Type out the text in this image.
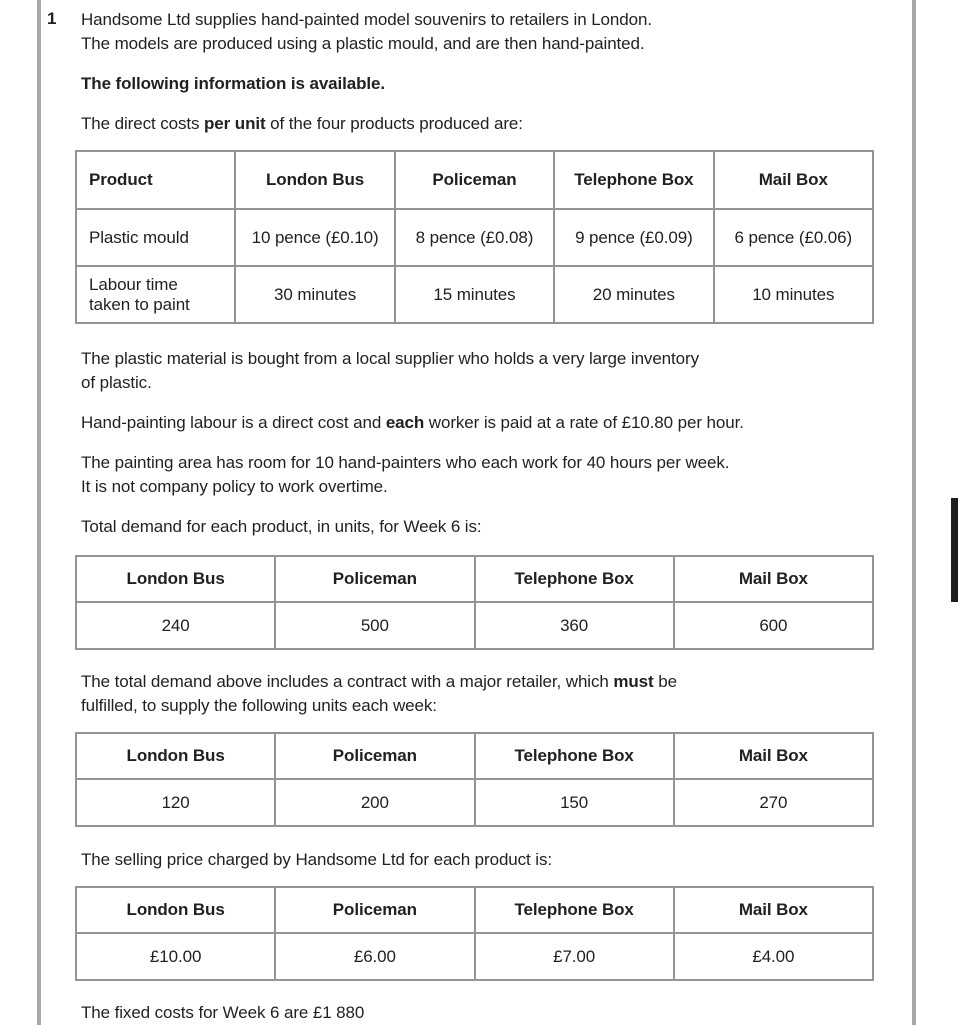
1 Handsome Ltd supplies hand-painted model souvenirs to retailers in London.
The models are produced using a plastic mould, and are then hand-painted.

The following information is available.

The direct costs per unit of the four products produced are:

Product	London Bus	Policeman	Telephone Box	Mail Box
Plastic mould	10 pence (£0.10)	8 pence (£0.08)	9 pence (£0.09)	6 pence (£0.06)
Labour time
taken to paint	30 minutes	15 minutes	20 minutes	10 minutes

The plastic material is bought from a local supplier who holds a very large inventory
of plastic.

Hand-painting labour is a direct cost and each worker is paid at a rate of £10.80 per hour.

The painting area has room for 10 hand-painters who each work for 40 hours per week.
It is not company policy to work overtime.

Total demand for each product, in units, for Week 6 is:

London Bus	Policeman	Telephone Box	Mail Box
240	500	360	600

The total demand above includes a contract with a major retailer, which must be
fulfilled, to supply the following units each week:

London Bus	Policeman	Telephone Box	Mail Box
120	200	150	270

The selling price charged by Handsome Ltd for each product is:

London Bus	Policeman	Telephone Box	Mail Box
£10.00	£6.00	£7.00	£4.00

The fixed costs for Week 6 are £1 880
